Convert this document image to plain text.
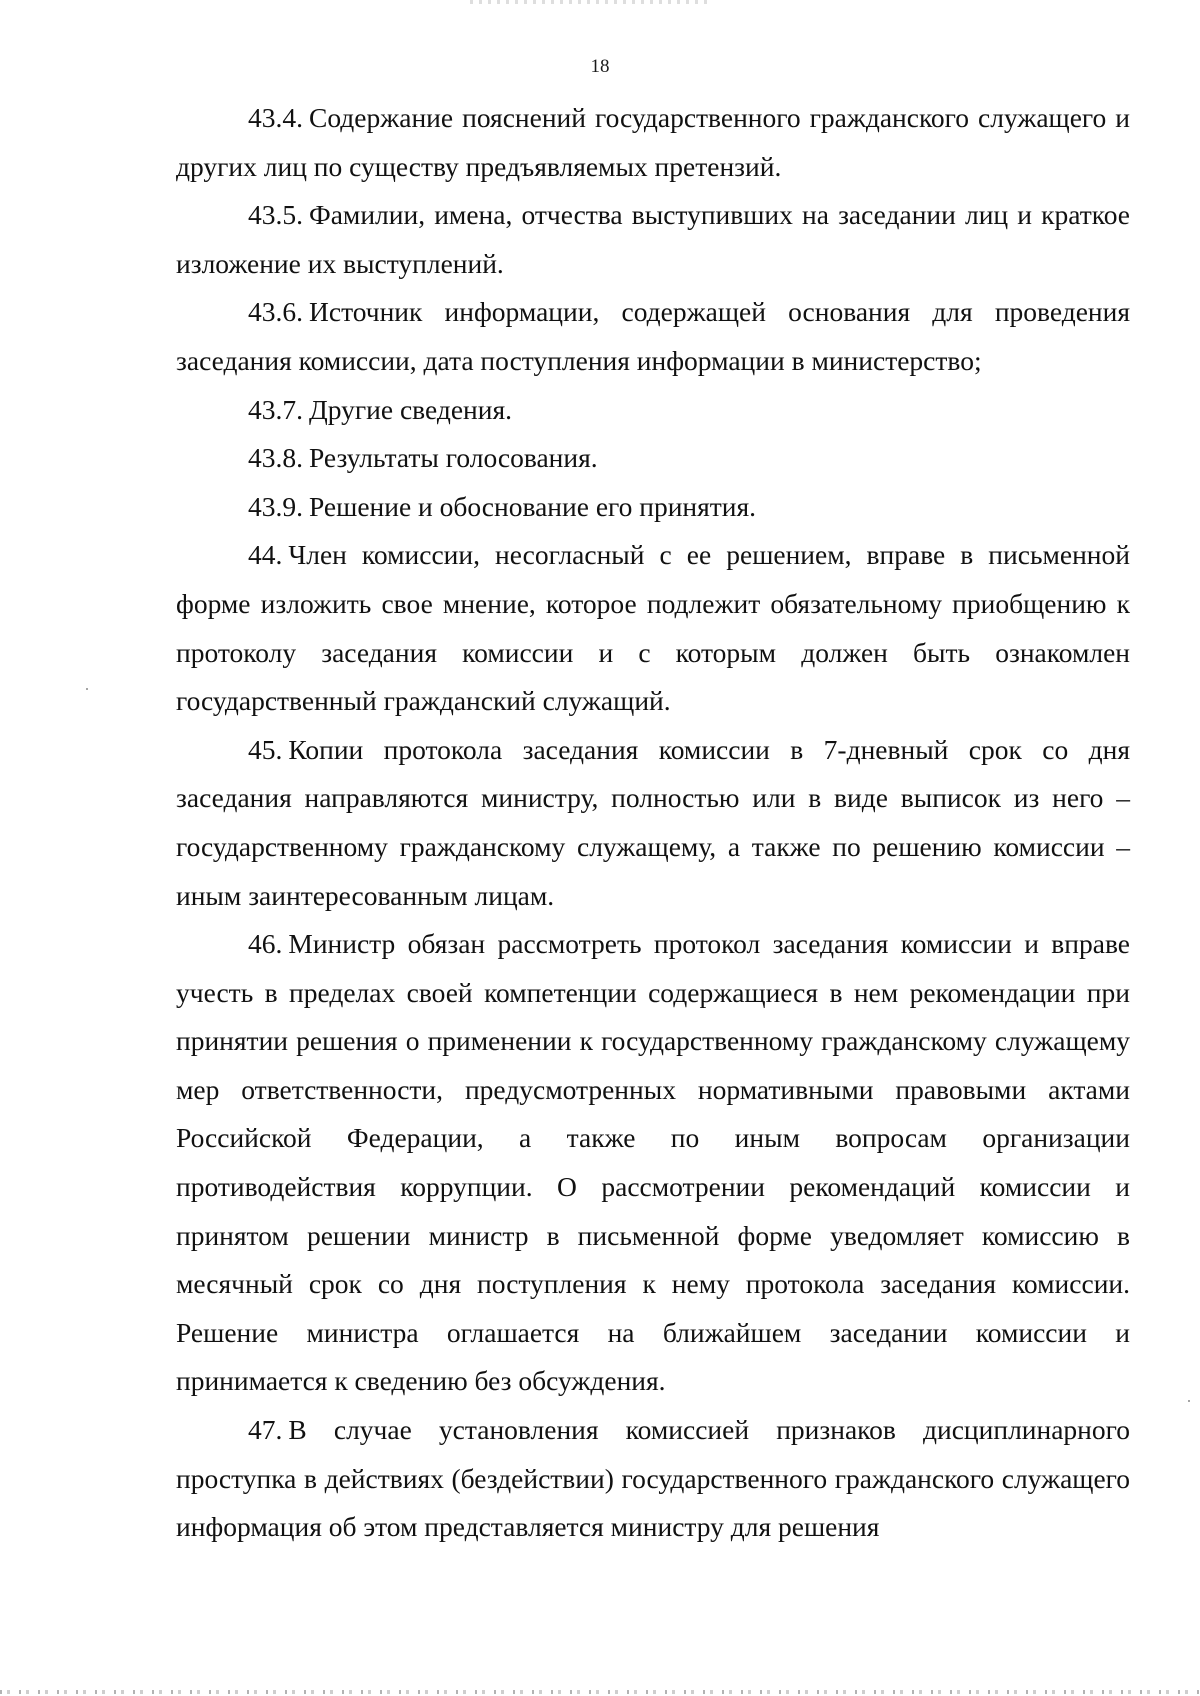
18

43.4. Содержание пояснений государственного гражданского служащего и других лиц по существу предъявляемых претензий.

43.5. Фамилии, имена, отчества выступивших на заседании лиц и краткое изложение их выступлений.

43.6. Источник информации, содержащей основания для проведения заседания комиссии, дата поступления информации в министерство;

43.7. Другие сведения.

43.8. Результаты голосования.

43.9. Решение и обоснование его принятия.

44. Член комиссии, несогласный с ее решением, вправе в письменной форме изложить свое мнение, которое подлежит обязательному приобщению к протоколу заседания комиссии и с которым должен быть ознакомлен государственный гражданский служащий.

45. Копии протокола заседания комиссии в 7-дневный срок со дня заседания направляются министру, полностью или в виде выписок из него – государственному гражданскому служащему, а также по решению комиссии – иным заинтересованным лицам.

46. Министр обязан рассмотреть протокол заседания комиссии и вправе учесть в пределах своей компетенции содержащиеся в нем рекомендации при принятии решения о применении к государственному гражданскому служащему мер ответственности, предусмотренных нормативными правовыми актами Российской Федерации, а также по иным вопросам организации противодействия коррупции. О рассмотрении рекомендаций комиссии и принятом решении министр в письменной форме уведомляет комиссию в месячный срок со дня поступления к нему протокола заседания комиссии. Решение министра оглашается на ближайшем заседании комиссии и принимается к сведению без обсуждения.

47. В случае установления комиссией признаков дисциплинарного проступка в действиях (бездействии) государственного гражданского служащего информация об этом представляется министру для решения
